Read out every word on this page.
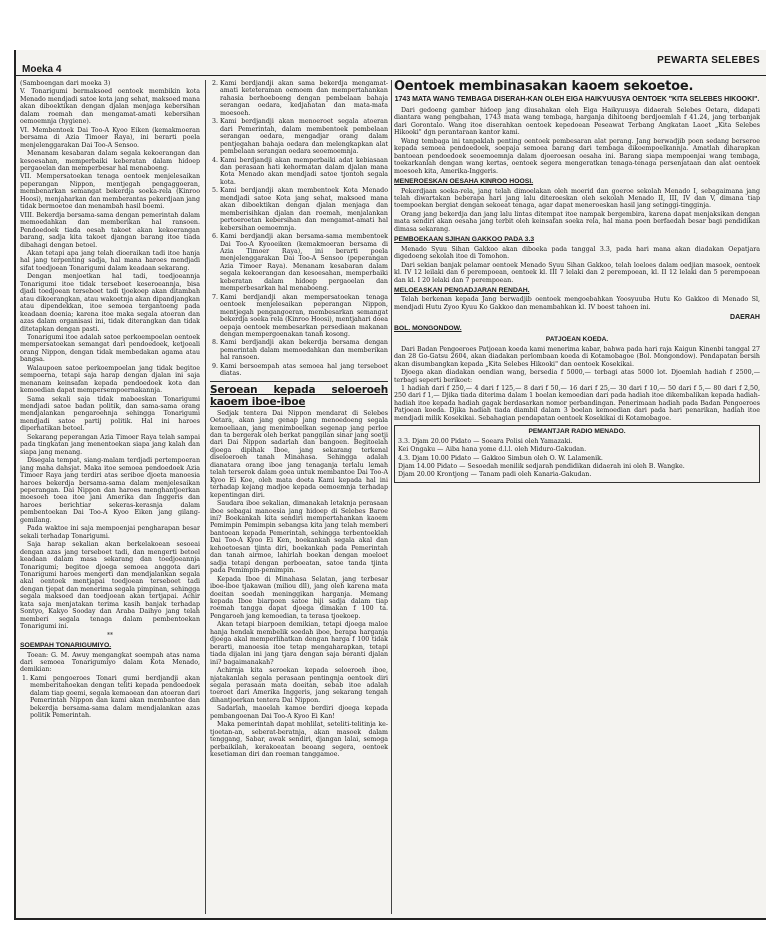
Moeka 4
PEWARTA SELEBES

(Samboengan dari moeka 3)

V. Tonarigumi bermaksoed oentoek membikin kota Menado mendjadi satoe kota jang sehat, maksoed mana akan diboektikan dengan djalan menjaga kebersihan dalam roemah dan mengamat-amati kebersihan oemoemnja (hygiene).

VI. Membentoek Dai Too-A Kyoo Eiken (kemakmoeran bersama di Azia Timoer Raya), ini berarti poela menjelenggarakan Dai Too-A Sensoo.

Menanam kesabaran dalam segala kekoerangan dan kesoesahan, memperbaiki keberatan dalam hidoep pergaoelan dan memperbesar hal menaboeng.

VII. Mempersatoekan tenaga oentoek menjelesaikan peperangan Nippon, mentjegah pengaggoeran, membenarkan semangat bekerdja soeka-rela (Kinroo Hoosi), menjaharkan dan memberantas pekerdjaan jang tidak bermoetoe dan menambah hasil boemi.

VIII. Bekerdja bersama-sama dengan pemerintah dalam memoedahkan dan memberikan hal ransoen. Pendoedoek tiada oesah takoet akan kekoerangan barang, sadja kita takoet djangan barang itoe tiada dibahagi dengan betoel.

Akan tetapi apa jang telah dioeraikan tadi itoe hanja hal jang terpenting sadja, hal mana haroes mendjadi sifat toedjoean Tonarigumi dalam keadaan sekarang.

Dengan menjoetkan hal tadi, toedjoeannja Tonarigumi itoe tidak terseboet keseroeannja, bisa djadi toedjoean terseboet tadi tjoekoep akan ditambah atau dikoerangkan, atau wakoetnja akan dipandjangkan atau dipendekkan, itoe semoea tergantoeng pada keadaan doenia; karena itoe maka segala atoeran dan azas dalam organisasi ini, tidak diterangkan dan tidak ditetapkan dengan pasti.

Tonarigumi itoe adalah satoe perkoempoelan oentoek mempersatoekan semangat dari pendoedoek, ketjoeali orang Nippon, dengan tidak membedakan agama atau bangsa.

Walaupoen satoe perkoempoelan jang tidak begitoe sempoerna, tetapi saja harap dengan djalan ini saja menanam keinsafan kepada pendoedoek kota dan kemoedian dapat mempersempoernakannja.

Sama sekali saja tidak maboeskan Tonarigumi mendjadi satoe badan politik, dan sama-sama orang mendjalankan pengaroehnja sehingga Tonarigumi mendjadi satoe partij politik. Hal ini haroes diperhatikan betoel.

Sekarang peperangan Azia Timoer Raya telah sampai pada tingkatan jang menentoekan siapa jang kalah dan siapa jang menang.

Disegala tempat, siang-malam terdjadi pertempoeran jang maha dahsjat. Maka itoe semoea pendoedoek Azia Timoer Raya jang terdiri atas seriboe djoeta manoesia haroes bekerdja bersama-sama dalam menjelesaikan peperangan. Dai Nippon dan haroes menghantjoerkan moesoeh toea itoe jani Amerika dan Inggeris dan haroes berichtiar sekeras-kerasnja dalam pembentoekan Dai Too-A Kyoo Eiken jang gilang-gemilang.

Pada waktoe ini saja mempoenjai pengharapan besar sekali terhadap Tonarigumi.

Saja harap sekalian akan berkelakoean sesoeai dengan azas jang terseboet tadi, dan mengerti betoel keadaan dalam masa sekarang dan toedjoeannja Tonarigumi; begitoe djoega semoea anggota dari Tonarigumi haroes mengerti dan mendjalankan segala akal oentoek mentjapai toedjoean terseboet tadi dengan tjepat dan menerima segala pimpinan, sehingga segala maksoed dan toedjoean akan tertjapai. Achir kata saja menjatakan terima kasih banjak terhadap Sontyo, Kakyo Sooday dan Araba Daihyo jang telah memberi segala tenaga dalam pembentoekan Tonarigumi ini.

**
SOEMPAH TONARIGUMIYO.

Toean: G. M. Awuy mengangkat soempah atas nama dari semoea Tonarigumiyo dalam Kota Menado, demikian:

1. Kami pengoeroes Tonari gumi berdjandji akan memberitahoekan dengan teliti kepada pendoedoek dalam tiap goemi, segala kemaoean dan atoeran dari Pemerintah Nippon dan kami akan membantoe dan bekerdja bersama-sama dalam mendjalankan azas politik Pemerintah.
2. Kami berdjandji akan sama bekerdja mengamat-amati keteteraman oemoem dan mempertahankan rahasia berhoeboeng dengan pembelaan bahaja serangan oedara, kedjahatan dan mata-mata moesoeh.
3. Kami berdjandji akan menoeroet segala atoeran dari Pemerintah, dalam membentoek pembelaan serangan oedara, mengadjar orang dalam pentjegahan bahaja oedara dan melengkapkan alat pembelaan serangan oedara seoemoemnja.
4. Kami berdjandji akan memperbaiki adat kebiasaan dan perasaan hati kehormatan dalam djalan mana Kota Menado akan mendjadi satoe tjontoh segala kota.
5. Kami berdjandji akan membentoek Kota Menado mendjadi satoe Kota jang sehat, maksoed mana akan diboektikan dengan djalan menjaga dan memberisihkan djalan dan roemah, menjalankan pertoeroetan kebersihan dan mengamat-amati hal kebersihan oemoemnja.
6. Kami berdjandji akan bersama-sama membentoek Dai Too-A Kyooeiken (kemakmoeran bersama di Azia Timoer Raya), ini berarti poela menjelenggarakan Dai Too-A Sensoo (peperangan Azia Timoer Raya). Menanam kesabaran dalam segala kekoerangan dan kesoesahan, memperbaiki keberatan dalam hidoep pergaoelan dan memperbesarkan hal menaboeng.
7. Kami berdjandji akan mempersatoekan tenaga oentoek menjelesaikan peperangan Nippon, mentjegah pengangoeran, membesarkan semangat bekerdja soeka rela (Kinroo Hoosi), mentjahari doea oepaja oentoek membesarkan persediaan makanan dengan mempergoenakan tanah kosong.
8. Kami berdjandji akan bekerdja bersama dengan pemerintah dalam memoedahkan dan memberikan hal ransoen.
9. Kami bersoempah atas semoea hal jang terseboet diatas.
Seroean kepada seloeroeh kaoem iboe-iboe

Sedjak tentera Dai Nippon mendarat di Selebes Oetara, akan jang genap jang menoedoeng segala kemoeliaan, jang menimboelkan segenap jang perloe dan ta bergerak oleh berkat panggilan sinar jang soetji dari Dai Nippon sadarlah dan bangoen. Begitoelah djoega dipihak Iboe, jang sekarang terkenal diseloeroeh tanah Minahasa. Sehingga adalah dianatara orang iboe jang tenaganja terlalu lemah telah terserok dalam goea untuk membantoe Dai Too-A Kyoo Ei Koe, oleh mata doeta Kami kepada hal ini terhadap kejang madjoe kepada oemoemnja terhadap kepentingan diri.

Saudara iboe sekalian, dimanakah letaknja perasaan iboe sebagai manoesia jang hidoep di Selebes Baroe ini? Boekankah kita sendiri mempertahankan kaoem Pemimpin Pemimpin sebangsa kita jang telah memberi bantoean kepada Pemerintah, sehingga terbentoeklah Dai Too-A Kyoo Ei Ken, boekankah segala akal dan kehoetoesan tjinta diri, boekankah pada Pemerintah dan tanah airmoe, lahirlah boekan dengan moeloet sadja tetapi dengan perboeatan, satoe tanda tjinta pada Pemimpin-pemimpin.

Kepada Iboe di Minahasa Selatan, jang terbesar iboe-iboe tjakawan (miliou dll), jang oleh karena mata doeitan soedah meninggikan harganja. Memang kepada Iboe biarpoen satoe biji sadja dalam tiap roemah tangga dapat djoega dimakan f 100 ta. Pengaroeh jang kemoedian, ta terasa tjoekoep.

Akan tetapi biarpoen demikian, tetapi djoega maloe hanja hendak membelik soedah iboe, berapa harganja djoega akal memperlihatkan dengan harga f 100 tidak berarti, manoesia itoe tetap mengaharapkan, tetapi tiada dijalan ini jang tjara dengan saja beranti djalan ini? bagaimanakah?

Achirnja kita seroekan kepada seloeroeh iboe, njatakanlah segala perasaan pentingnja oentoek diri segala perasaan mata doeitan, sebab itoe adalah toeroet dari Amerika Inggeris, jang sekarang tengah dihantjoerkan tentera Dai Nippon.

Sadarlah, maoelah kamoe berdiri djoega kepada pembangoenan Dai Too-A Kyoo Ei Kan!

Maka pemerintah dapat mohlilat, seteliti-telitinja ke-tjoetan-an, seberat-beratnja, akan masoek dalam tenggang, Sabar, awak sendiri, djangan lalai, semoga perbaikilah, kerakoeatan beoang segera, oentoek kesetiaman diri dan roeman tanggamoe.

Oentoek membinasakan kaoem sekoetoe.
1743 MATA WANG TEMBAGA DISERAH-KAN OLEH EIGA HAIKYUUSYA OENTOEK "KITA SELEBES HIKOOKI".

Dari gedoeng gambar hidoep jang diusahakan oleh Eiga Haikyuusya didaerah Selebes Oetara, didapati diantara wang pengbahan, 1743 mata wang tembaga, harganja dihitoeng berdjoemlah f 41.24, jang terbanjak dari Gorontalo. Wang itoe diserahkan oentoek kepedoean Peseawat Terbang Angkatan Laoet „Kita Selebes Hikooki" dgn perantaraan kantor kami.

Wang tembaga ini tanpaklah penting oentoek pembesaran alat perang. Jang berwadjib poen sedang berseroe kepada semoea pendoedoek, soepaja semoea barang dari tembaga dikoempoelkannja. Amatlah diharapkan bantoean pendoedoek seoemoemnja dalam djoeroesan oesaha ini. Barang siapa mempoenjai wang tembaga, toekarkanlah dengan wang kertas, oentoek segera mengeratkan tenaga-tenaga persenjataan dan alat oentoek moesoeh kita, Amerika-Inggeris.

MENEROESKAN OESAHA KINROO HOOSI.

Pekerdjaan soeka-rela, jang telah dimoelakan oleh moerid dan goeroe sekolah Menado I, sebagaimana jang telah diwartakan beberapa hari jang lalu diteroeskan oleh sekolah Menado II, III, IV dan V, dimana tiap toempoekan bergiat dengan sekoeat tenaga, agar dapat meneroeskan hasil jang setinggi-tingginja.

Orang jang bekerdja dan jang lalu lintas ditempat itoe nampak bergembira, karena dapat menjaksikan dengan mata sendiri akan oesaha jang terbit oleh keinsafan soeka rela, hal mana poen berfaedah besar bagi pendidikan dimasa sekarang.

PEMBOEKAAN SJIHAN GAKKOO PADA 3.3

Menado Syuu Sihan Gakkoo akan diboeka pada tanggal 3.3, pada hari mana akan diadakan Oepatjara digedoeng sekolah itoe di Tomohon.

Dari sekian banjak pelamar oentoek Menado Syuu Sihan Gakkoo, telah loeloes dalam oedjian masoek, oentoek kl. IV 12 leilaki dan 6 perempoean, oentoek kl. III 7 lelaki dan 2 perempoean, kl. II 12 lelaki dan 5 perempoean dan kl. I 20 lelaki dan 7 perempoean.

MELOEASKAN PENGADJARAN RENDAH.

Telah berkenan kepada Jang berwadjib oentoek mengoebahkan Yoosyuuba Hutu Ko Gakkoo di Menado Sl, mendjadi Hutu Zyoo Kyuu Ko Gakkoo dan menambahkan kl. IV boest tahoen ini.

DAERAH
BOL. MONGONDOW.
PATJOEAN KOEDA.

Dari Badan Pengoeroes Patjoean koeda kami menerima kabar, bahwa pada hari raja Kaigun Kinenbi tanggal 27 dan 28 Go-Gatsu 2604, akan diadakan perlombaan koeda di Kotamobagoe (Bol. Mongondow). Pendapatan bersih akan disumbangkan kepada „Kita Selebes Hikooki" dan oentoek Kosekikai.

Djoega akan diadakan oendian wang, bersedia f 5000,— terbagi atas 5000 lot. Djoemlah hadiah f 2500,— terbagi seperti berikoet:

1 hadiah dari f 250,— 4 dari f 125,— 8 dari f 50,— 16 dari f 25,— 30 dari f 10,— 50 dari f 5,— 80 dari f 2,50, 250 dari f 1,— Djika tiada diterima dalam 1 boelan kemoedian dari pada hadiah itoe dikembalikan kepada hadiah-hadiah itoe kepada hadiah gagak berdasarkan nomor perbandingan. Penerimaan hadiah pada Badan Pengoeroes Patjoean koeda. Djika hadiah tiada diambil dalam 3 boelan kemoedian dari pada hari penarikan, hadiah itoe mendjadi milik Kosekikai. Sebahagian pendapatan oentoek Kosekikai di Kotamobagoe.

PEMANTJAR RADIO MENADO.

3.3. Djam 20.00 Pidato — Soeara Polisi oleh Yamazaki.

Kei Ongaku — Aiba hana yome d.l.l. oleh Miduro-Gakudan.

4.3. Djam 10.00 Pidato — Gakkoo Simbun oleh O. W. Lalamenik.

Djam 14.00 Pidato — Sesoedah menilik sedjarah pendidikan didaerah ini oleh B. Wangke.

Djam 20.00 Krontjong — Tanam padi oleh Kanaria-Gakudan.
